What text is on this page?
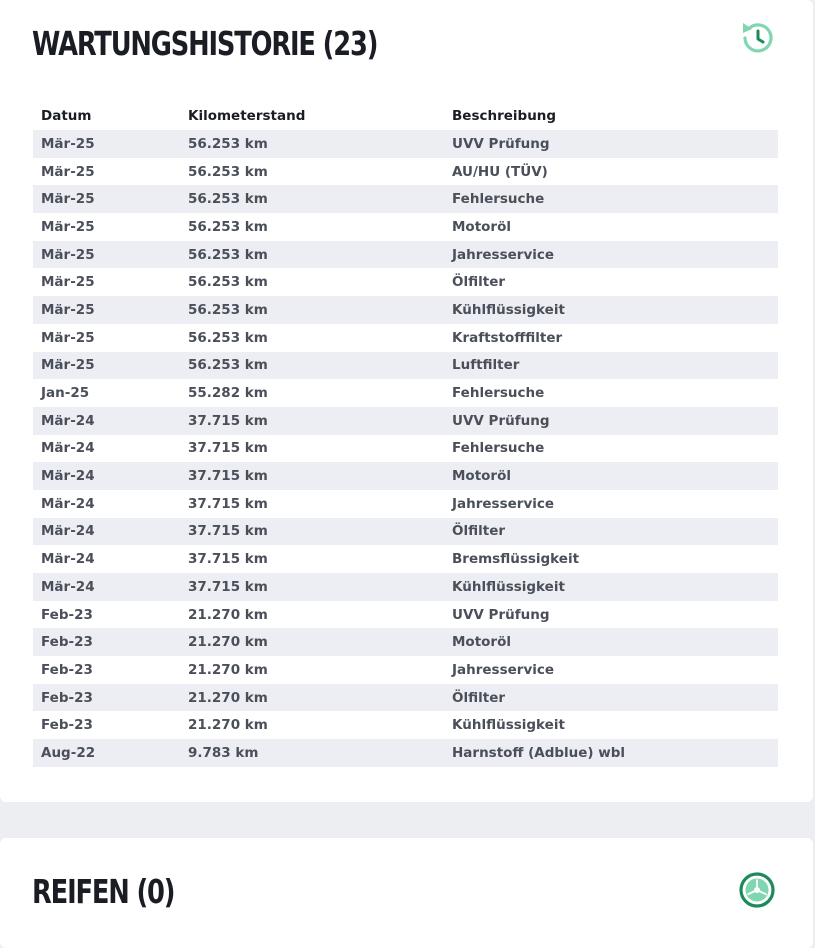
WARTUNGSHISTORIE (23)
Datum	Kilometerstand	Beschreibung
Mär-25	56.253 km	UVV Prüfung
Mär-25	56.253 km	AU/HU (TÜV)
Mär-25	56.253 km	Fehlersuche
Mär-25	56.253 km	Motoröl
Mär-25	56.253 km	Jahresservice
Mär-25	56.253 km	Ölfilter
Mär-25	56.253 km	Kühlflüssigkeit
Mär-25	56.253 km	Kraftstofffilter
Mär-25	56.253 km	Luftfilter
Jan-25	55.282 km	Fehlersuche
Mär-24	37.715 km	UVV Prüfung
Mär-24	37.715 km	Fehlersuche
Mär-24	37.715 km	Motoröl
Mär-24	37.715 km	Jahresservice
Mär-24	37.715 km	Ölfilter
Mär-24	37.715 km	Bremsflüssigkeit
Mär-24	37.715 km	Kühlflüssigkeit
Feb-23	21.270 km	UVV Prüfung
Feb-23	21.270 km	Motoröl
Feb-23	21.270 km	Jahresservice
Feb-23	21.270 km	Ölfilter
Feb-23	21.270 km	Kühlflüssigkeit
Aug-22	9.783 km	Harnstoff (Adblue) wbl
REIFEN (0)
